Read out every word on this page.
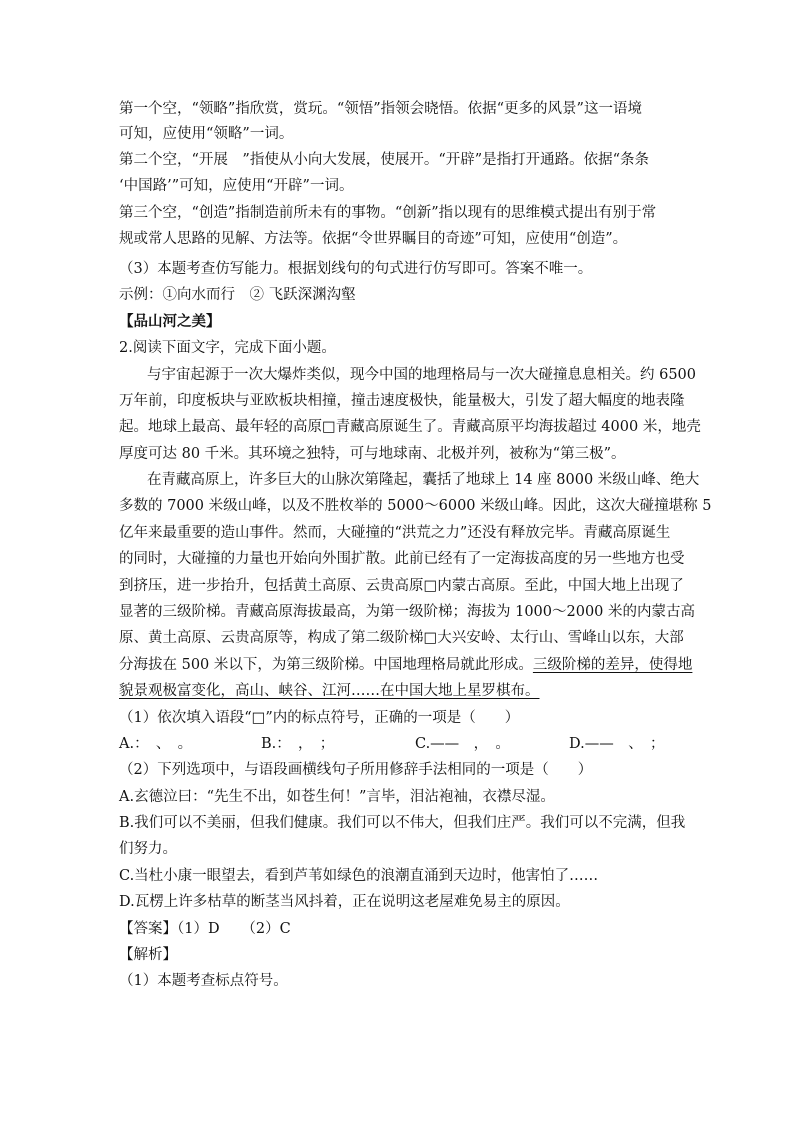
第一个空，“领略”指欣赏，赏玩。“领悟”指领会晓悟。依据“更多的风景”这一语境
可知，应使用“领略”一词。
第二个空，“开展　”指使从小向大发展，使展开。“开辟”是指打开通路。依据“条条
‘中国路’”可知，应使用“开辟”一词。
第三个空，“创造”指制造前所未有的事物。“创新”指以现有的思维模式提出有别于常
规或常人思路的见解、方法等。依据“令世界瞩目的奇迹”可知，应使用“创造”。
（3）本题考查仿写能力。根据划线句的句式进行仿写即可。答案不唯一。
示例：①向水而行　② 飞跃深渊沟壑
【品山河之美】
2.阅读下面文字，完成下面小题。
与宇宙起源于一次大爆炸类似，现今中国的地理格局与一次大碰撞息息相关。约 6500
万年前，印度板块与亚欧板块相撞，撞击速度极快，能量极大，引发了超大幅度的地表隆
起。地球上最高、最年轻的高原□青藏高原诞生了。青藏高原平均海拔超过 4000 米，地壳
厚度可达 80 千米。其环境之独特，可与地球南、北极并列，被称为“第三极”。
在青藏高原上，许多巨大的山脉次第隆起，囊括了地球上 14 座 8000 米级山峰、绝大
多数的 7000 米级山峰，以及不胜枚举的 5000～6000 米级山峰。因此，这次大碰撞堪称 5
亿年来最重要的造山事件。然而，大碰撞的“洪荒之力”还没有释放完毕。青藏高原诞生
的同时，大碰撞的力量也开始向外围扩散。此前已经有了一定海拔高度的另一些地方也受
到挤压，进一步抬升，包括黄土高原、云贵高原□内蒙古高原。至此，中国大地上出现了
显著的三级阶梯。青藏高原海拔最高，为第一级阶梯；海拔为 1000～2000 米的内蒙古高
原、黄土高原、云贵高原等，构成了第二级阶梯□大兴安岭、太行山、雪峰山以东，大部
分海拔在 500 米以下，为第三级阶梯。中国地理格局就此形成。三级阶梯的差异，使得地
貌景观极富变化，高山、峡谷、江河……在中国大地上星罗棋布。
（1）依次填入语段“□”内的标点符号，正确的一项是（　　）
A.：　、　。	B.：　，　；	C.——　，　。	D.——　、　；
（2）下列选项中，与语段画横线句子所用修辞手法相同的一项是（　　）
A.玄德泣曰：“先生不出，如苍生何！”言毕，泪沾袍袖，衣襟尽湿。
B.我们可以不美丽，但我们健康。我们可以不伟大，但我们庄严。我们可以不完满，但我
们努力。
C.当杜小康一眼望去，看到芦苇如绿色的浪潮直涌到天边时，他害怕了……
D.瓦楞上许多枯草的断茎当风抖着，正在说明这老屋难免易主的原因。
【答案】（1）D　　（2）C
【解析】
（1）本题考查标点符号。
